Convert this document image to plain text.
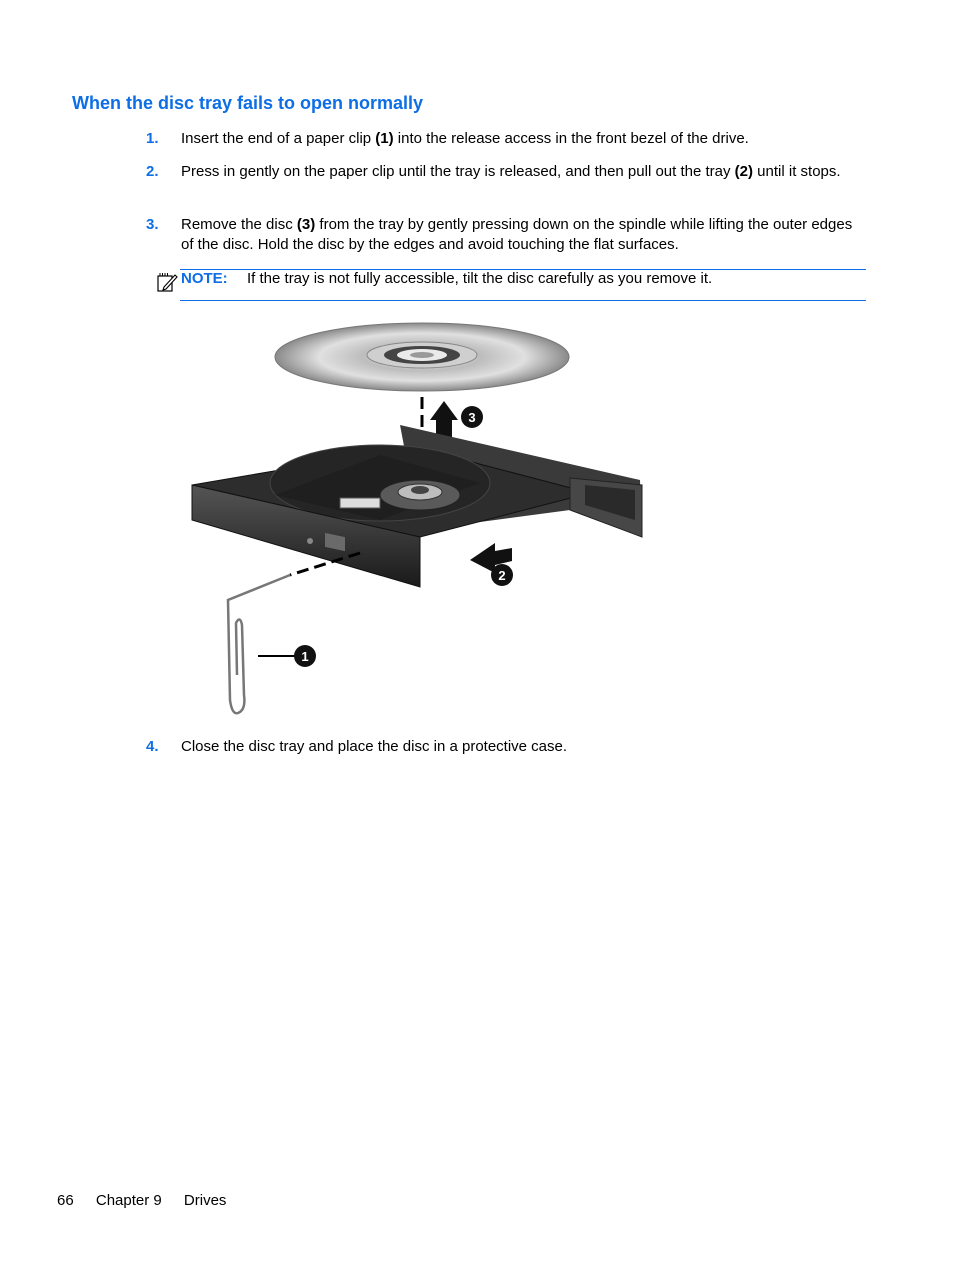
When the disc tray fails to open normally
1. Insert the end of a paper clip (1) into the release access in the front bezel of the drive.
2. Press in gently on the paper clip until the tray is released, and then pull out the tray (2) until it stops.
3. Remove the disc (3) from the tray by gently pressing down on the spindle while lifting the outer edges of the disc. Hold the disc by the edges and avoid touching the flat surfaces.
NOTE: If the tray is not fully accessible, tilt the disc carefully as you remove it.
1
2
3
4. Close the disc tray and place the disc in a protective case.
66 Chapter 9 Drives
